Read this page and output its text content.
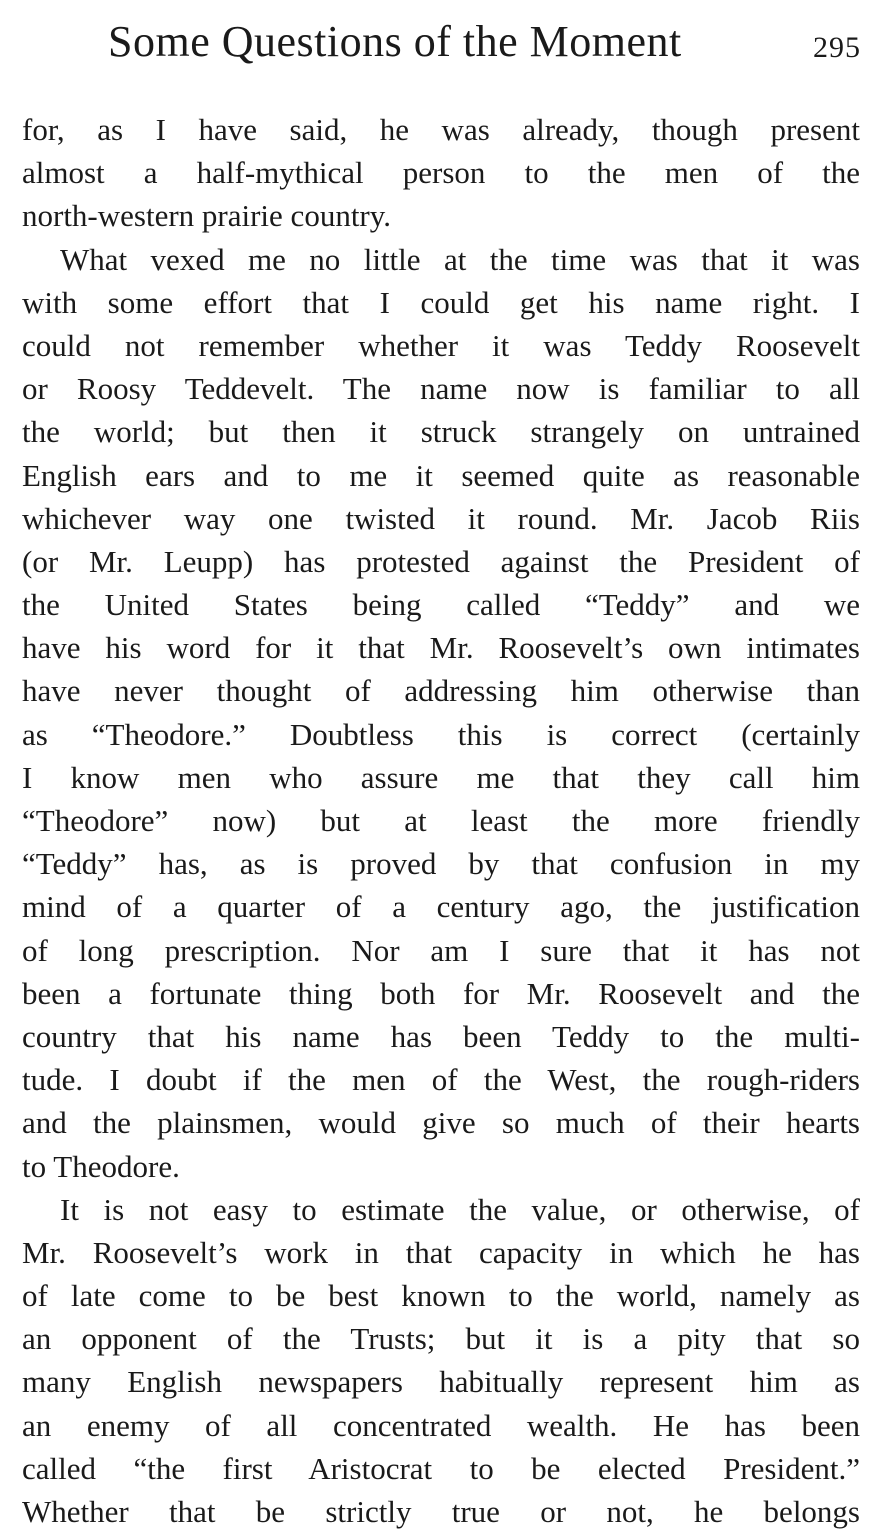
Some Questions of the Moment	295
for, as I have said, he was already, though present
almost a half-mythical person to the men of the
north-western prairie country.
What vexed me no little at the time was that it was
with some effort that I could get his name right. I
could not remember whether it was Teddy Roosevelt
or Roosy Teddevelt. The name now is familiar to all
the world; but then it struck strangely on untrained
English ears and to me it seemed quite as reasonable
whichever way one twisted it round. Mr. Jacob Riis
(or Mr. Leupp) has protested against the President of
the United States being called “Teddy” and we
have his word for it that Mr. Roosevelt’s own intimates
have never thought of addressing him otherwise than
as “Theodore.” Doubtless this is correct (certainly
I know men who assure me that they call him
“Theodore” now) but at least the more friendly
“Teddy” has, as is proved by that confusion in my
mind of a quarter of a century ago, the justification
of long prescription. Nor am I sure that it has not
been a fortunate thing both for Mr. Roosevelt and the
country that his name has been Teddy to the multi-
tude. I doubt if the men of the West, the rough-riders
and the plainsmen, would give so much of their hearts
to Theodore.
It is not easy to estimate the value, or otherwise, of
Mr. Roosevelt’s work in that capacity in which he has
of late come to be best known to the world, namely as
an opponent of the Trusts; but it is a pity that so
many English newspapers habitually represent him as
an enemy of all concentrated wealth. He has been
called “the first Aristocrat to be elected President.”
Whether that be strictly true or not, he belongs
